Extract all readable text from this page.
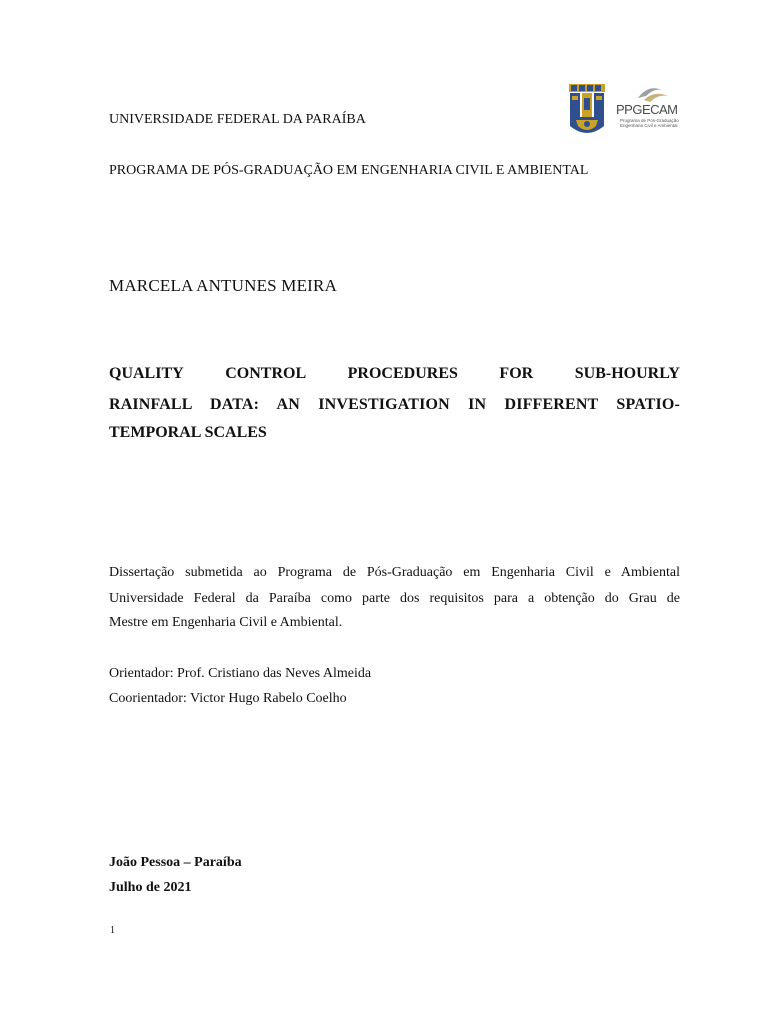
UNIVERSIDADE FEDERAL DA PARAÍBA

PPGECAM
Programa de Pós-Graduação
Engenharia Civil e Ambiental

PROGRAMA DE PÓS-GRADUAÇÃO EM ENGENHARIA CIVIL E AMBIENTAL

MARCELA ANTUNES MEIRA

QUALITY	CONTROL	PROCEDURES	FOR	SUB-HOURLY

RAINFALL DATA: AN INVESTIGATION IN DIFFERENT SPATIO-

TEMPORAL SCALES

Dissertação submetida ao Programa de Pós-Graduação em Engenharia Civil e Ambiental

Universidade Federal da Paraíba como parte dos requisitos para a obtenção do Grau de

Mestre em Engenharia Civil e Ambiental.

Orientador: Prof. Cristiano das Neves Almeida

Coorientador: Victor Hugo Rabelo Coelho

João Pessoa – Paraíba

Julho de 2021

1
